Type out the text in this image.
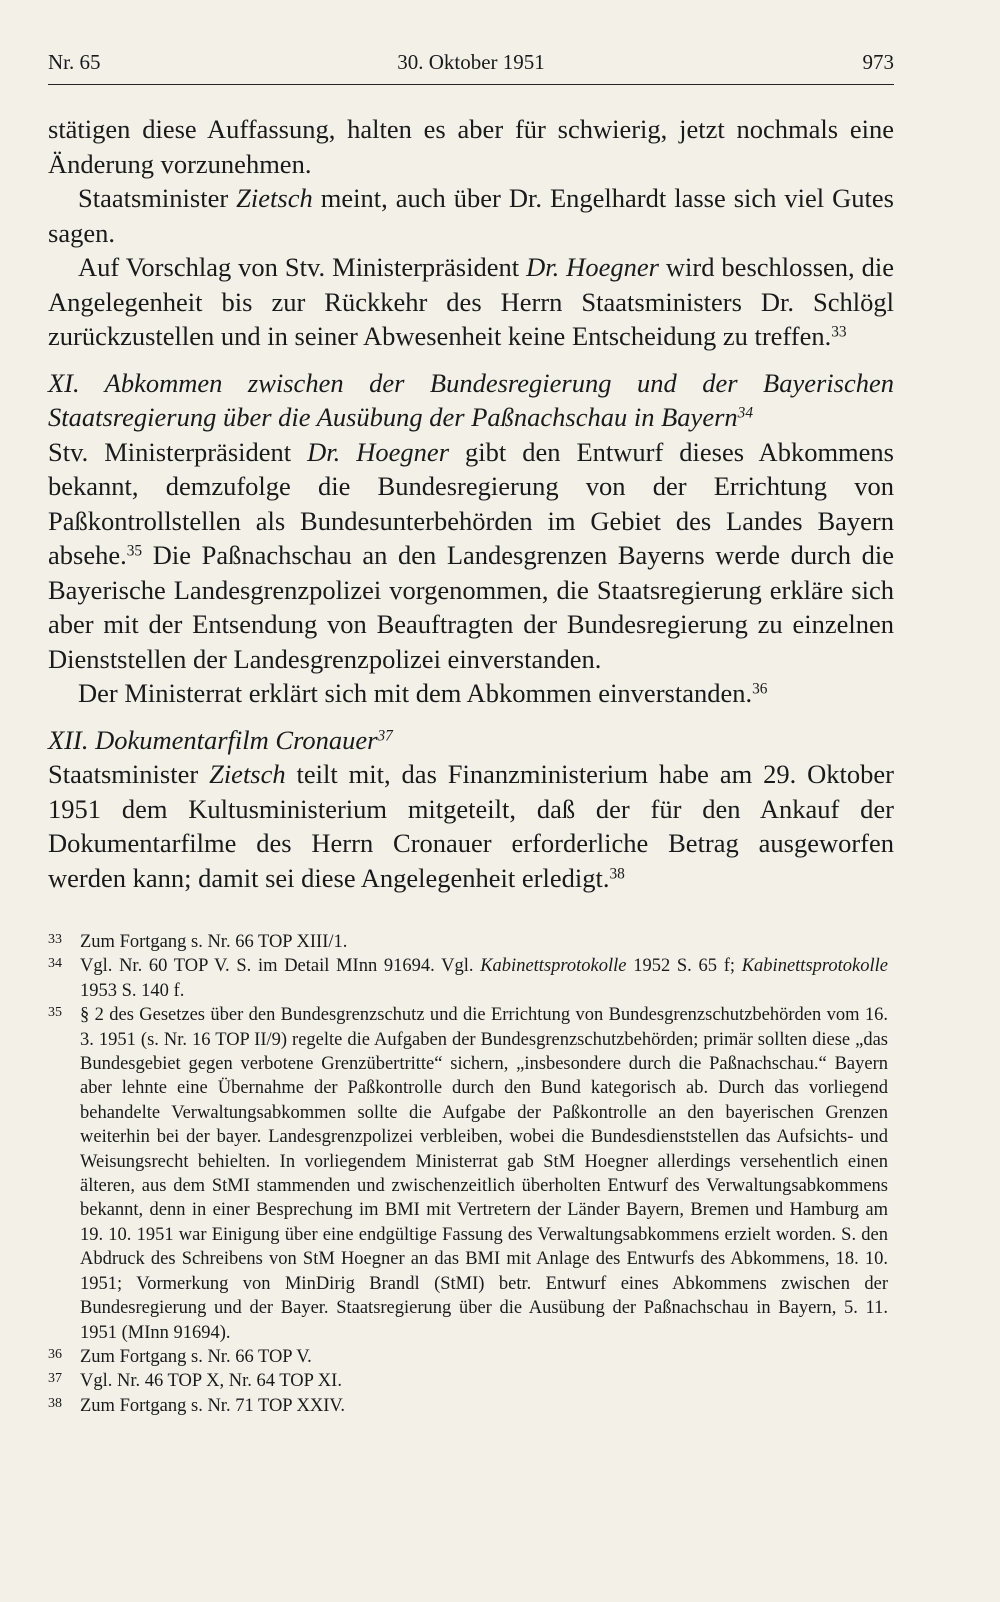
Nr. 65	30. Oktober 1951	973

stätigen diese Auffassung, halten es aber für schwierig, jetzt nochmals eine Änderung vorzunehmen.

Staatsminister Zietsch meint, auch über Dr. Engelhardt lasse sich viel Gutes sagen.

Auf Vorschlag von Stv. Ministerpräsident Dr. Hoegner wird beschlossen, die Angelegenheit bis zur Rückkehr des Herrn Staatsministers Dr. Schlögl zurückzustellen und in seiner Abwesenheit keine Entscheidung zu treffen.$^{33}$

XI. Abkommen zwischen der Bundesregierung und der Bayerischen Staatsregierung über die Ausübung der Paßnachschau in Bayern$^{34}$

Stv. Ministerpräsident Dr. Hoegner gibt den Entwurf dieses Abkommens bekannt, demzufolge die Bundesregierung von der Errichtung von Paßkontrollstellen als Bundesunterbehörden im Gebiet des Landes Bayern absehe.$^{35}$ Die Paßnachschau an den Landesgrenzen Bayerns werde durch die Bayerische Landesgrenzpolizei vorgenommen, die Staatsregierung erkläre sich aber mit der Entsendung von Beauftragten der Bundesregierung zu einzelnen Dienststellen der Landesgrenzpolizei einverstanden.

Der Ministerrat erklärt sich mit dem Abkommen einverstanden.$^{36}$

XII. Dokumentarfilm Cronauer$^{37}$

Staatsminister Zietsch teilt mit, das Finanzministerium habe am 29. Oktober 1951 dem Kultusministerium mitgeteilt, daß der für den Ankauf der Dokumentarfilme des Herrn Cronauer erforderliche Betrag ausgeworfen werden kann; damit sei diese Angelegenheit erledigt.$^{38}$

33 Zum Fortgang s. Nr. 66 TOP XIII/1.

34 Vgl. Nr. 60 TOP V. S. im Detail MInn 91694. Vgl. Kabinettsprotokolle 1952 S. 65 f; Kabinettsprotokolle 1953 S. 140 f.

35 § 2 des Gesetzes über den Bundesgrenzschutz und die Errichtung von Bundesgrenzschutzbehörden vom 16. 3. 1951 (s. Nr. 16 TOP II/9) regelte die Aufgaben der Bundesgrenzschutzbehörden; primär sollten diese „das Bundesgebiet gegen verbotene Grenzübertritte“ sichern, „insbesondere durch die Paßnachschau.“ Bayern aber lehnte eine Übernahme der Paßkontrolle durch den Bund kategorisch ab. Durch das vorliegend behandelte Verwaltungsabkommen sollte die Aufgabe der Paßkontrolle an den bayerischen Grenzen weiterhin bei der bayer. Landesgrenzpolizei verbleiben, wobei die Bundesdienststellen das Aufsichts- und Weisungsrecht behielten. In vorliegendem Ministerrat gab StM Hoegner allerdings versehentlich einen älteren, aus dem StMI stammenden und zwischenzeitlich überholten Entwurf des Verwaltungsabkommens bekannt, denn in einer Besprechung im BMI mit Vertretern der Länder Bayern, Bremen und Hamburg am 19. 10. 1951 war Einigung über eine endgültige Fassung des Verwaltungsabkommens erzielt worden. S. den Abdruck des Schreibens von StM Hoegner an das BMI mit Anlage des Entwurfs des Abkommens, 18. 10. 1951; Vormerkung von MinDirig Brandl (StMI) betr. Entwurf eines Abkommens zwischen der Bundesregierung und der Bayer. Staatsregierung über die Ausübung der Paßnachschau in Bayern, 5. 11. 1951 (MInn 91694).

36 Zum Fortgang s. Nr. 66 TOP V.

37 Vgl. Nr. 46 TOP X, Nr. 64 TOP XI.

38 Zum Fortgang s. Nr. 71 TOP XXIV.
